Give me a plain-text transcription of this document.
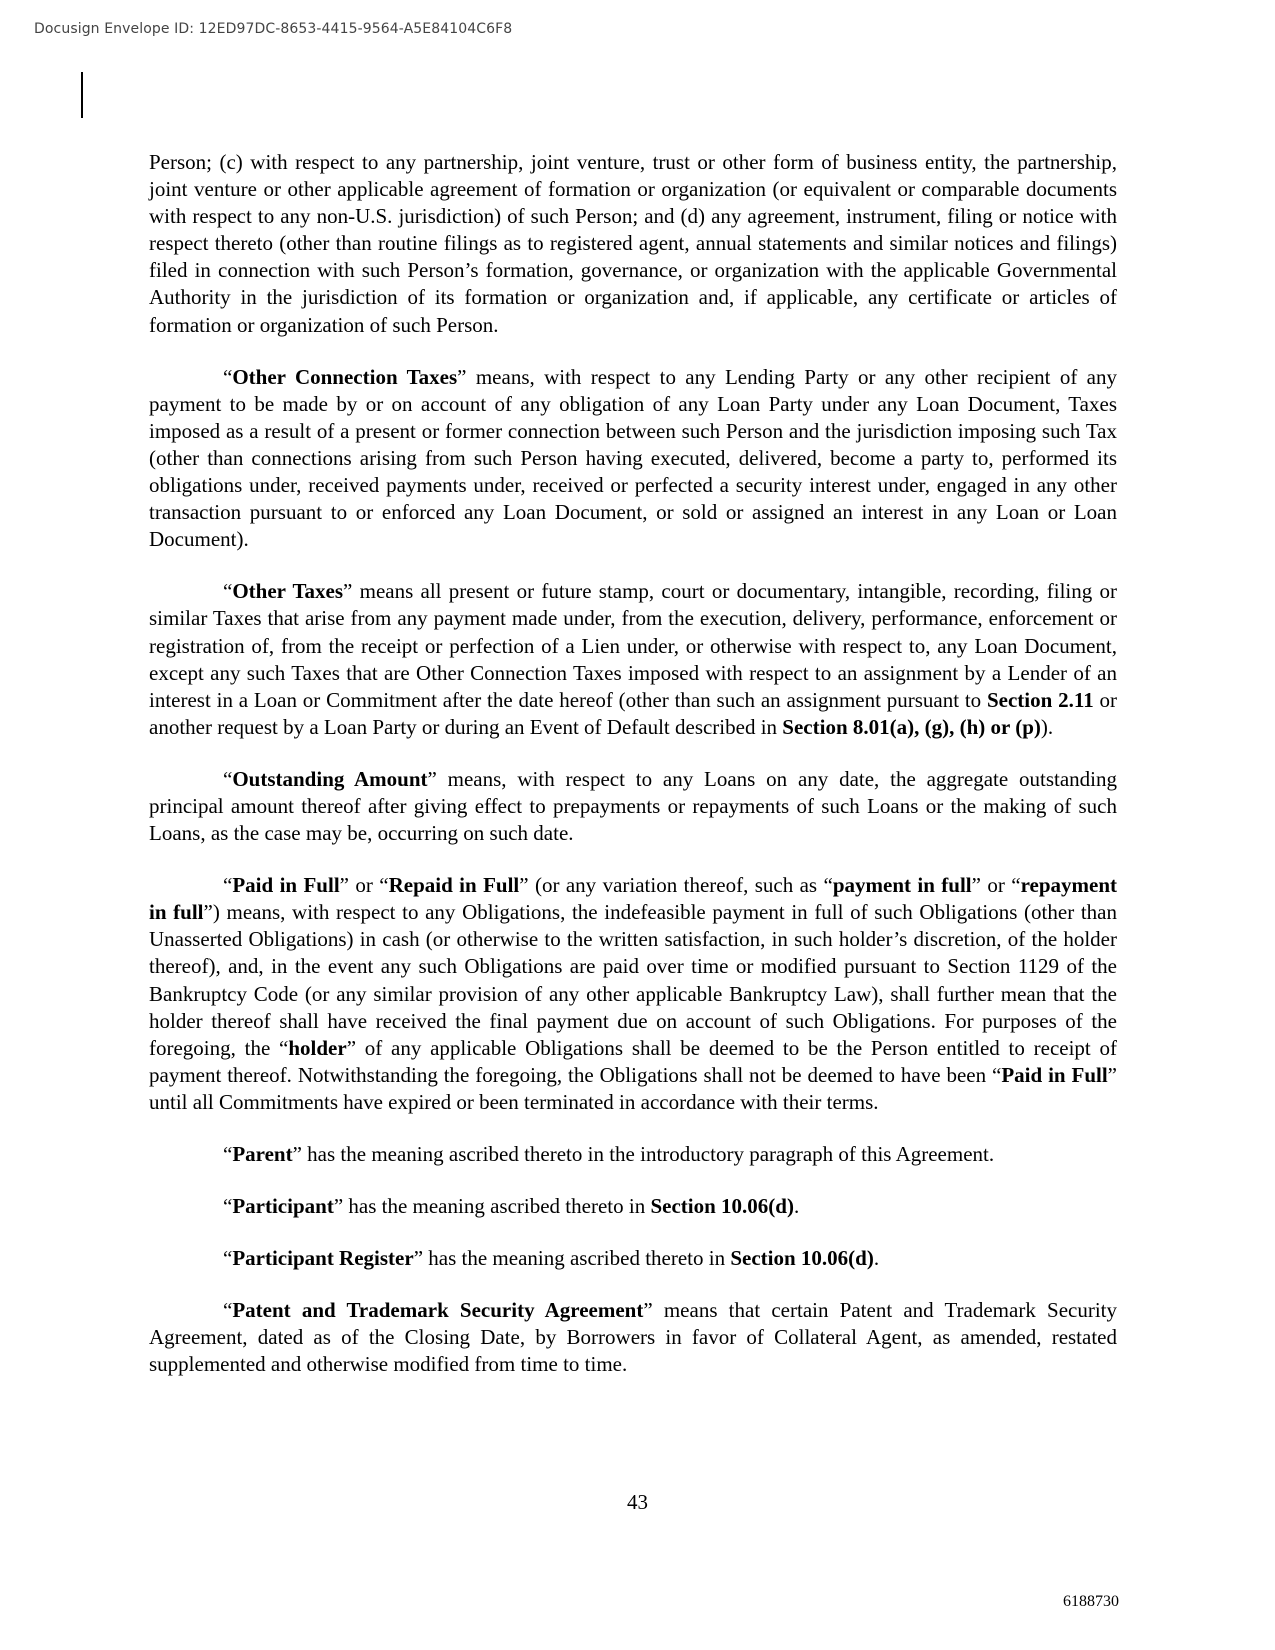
Docusign Envelope ID: 12ED97DC-8653-4415-9564-A5E84104C6F8

Person; (c) with respect to any partnership, joint venture, trust or other form of business entity, the partnership, joint venture or other applicable agreement of formation or organization (or equivalent or comparable documents with respect to any non-U.S. jurisdiction) of such Person; and (d) any agreement, instrument, filing or notice with respect thereto (other than routine filings as to registered agent, annual statements and similar notices and filings) filed in connection with such Person’s formation, governance, or organization with the applicable Governmental Authority in the jurisdiction of its formation or organization and, if applicable, any certificate or articles of formation or organization of such Person.

“Other Connection Taxes” means, with respect to any Lending Party or any other recipient of any payment to be made by or on account of any obligation of any Loan Party under any Loan Document, Taxes imposed as a result of a present or former connection between such Person and the jurisdiction imposing such Tax (other than connections arising from such Person having executed, delivered, become a party to, performed its obligations under, received payments under, received or perfected a security interest under, engaged in any other transaction pursuant to or enforced any Loan Document, or sold or assigned an interest in any Loan or Loan Document).

“Other Taxes” means all present or future stamp, court or documentary, intangible, recording, filing or similar Taxes that arise from any payment made under, from the execution, delivery, performance, enforcement or registration of, from the receipt or perfection of a Lien under, or otherwise with respect to, any Loan Document, except any such Taxes that are Other Connection Taxes imposed with respect to an assignment by a Lender of an interest in a Loan or Commitment after the date hereof (other than such an assignment pursuant to Section 2.11 or another request by a Loan Party or during an Event of Default described in Section 8.01(a), (g), (h) or (p)).

“Outstanding Amount” means, with respect to any Loans on any date, the aggregate outstanding principal amount thereof after giving effect to prepayments or repayments of such Loans or the making of such Loans, as the case may be, occurring on such date.

“Paid in Full” or “Repaid in Full” (or any variation thereof, such as “payment in full” or “repayment in full”) means, with respect to any Obligations, the indefeasible payment in full of such Obligations (other than Unasserted Obligations) in cash (or otherwise to the written satisfaction, in such holder’s discretion, of the holder thereof), and, in the event any such Obligations are paid over time or modified pursuant to Section 1129 of the Bankruptcy Code (or any similar provision of any other applicable Bankruptcy Law), shall further mean that the holder thereof shall have received the final payment due on account of such Obligations. For purposes of the foregoing, the “holder” of any applicable Obligations shall be deemed to be the Person entitled to receipt of payment thereof. Notwithstanding the foregoing, the Obligations shall not be deemed to have been “Paid in Full” until all Commitments have expired or been terminated in accordance with their terms.

“Parent” has the meaning ascribed thereto in the introductory paragraph of this Agreement.

“Participant” has the meaning ascribed thereto in Section 10.06(d).

“Participant Register” has the meaning ascribed thereto in Section 10.06(d).

“Patent and Trademark Security Agreement” means that certain Patent and Trademark Security Agreement, dated as of the Closing Date, by Borrowers in favor of Collateral Agent, as amended, restated supplemented and otherwise modified from time to time.

43
6188730
